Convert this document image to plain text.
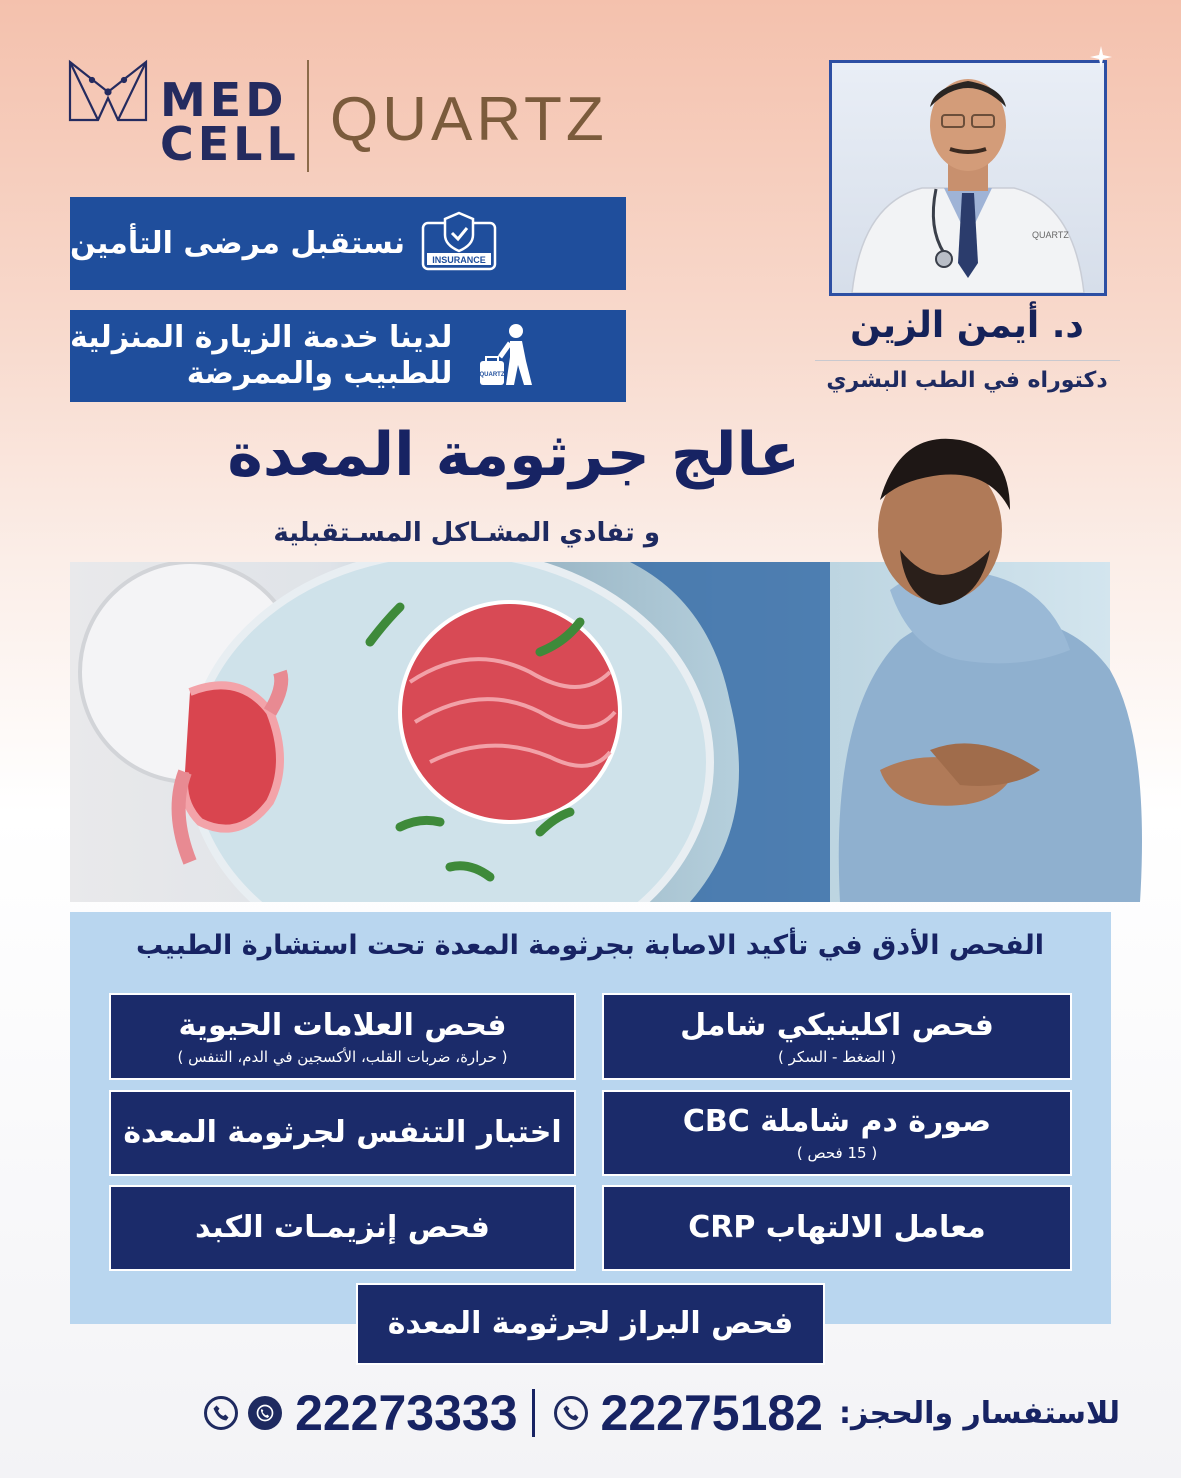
MED
CELL QUARTZ
INSURANCE
نستقبل مرضى التأمين
QUARTZ
لدينا خدمة الزيارة المنزلية
للطبيب والممرضة
QUARTZ
د. أيمن الزين
دكتوراه في الطب البشري
عالج جرثومة المعدة
و تفادي المشـاكل المسـتقبلية
الفحص الأدق في تأكيد الاصابة بجرثومة المعدة تحت استشارة الطبيب
فحص اكلينيكي شامل
( الضغط - السكر )
فحص العلامات الحيوية
( حرارة، ضربات القلب، الأكسجين في الدم، التنفس )
صورة دم شاملة CBC
( 15 فحص )
اختبار التنفس لجرثومة المعدة
معامل الالتهاب CRP
فحص إنزيمـات الكبد
فحص البراز لجرثومة المعدة
22273333 22275182 للاستفسار والحجز:
